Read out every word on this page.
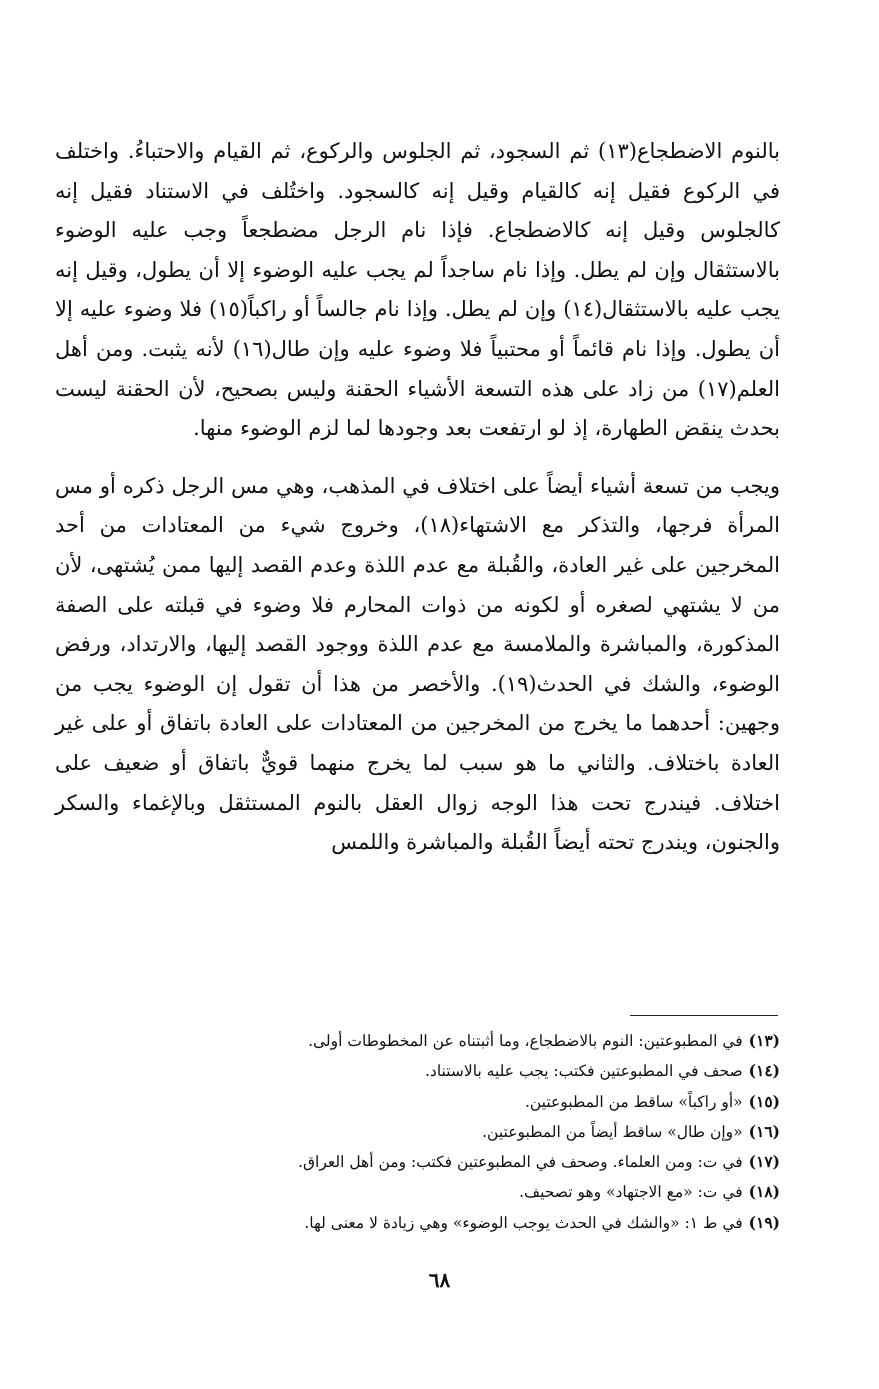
بالنوم الاضطجاع(١٣) ثم السجود، ثم الجلوس والركوع، ثم القيام والاحتباءُ. واختلف في الركوع فقيل إنه كالقيام وقيل إنه كالسجود. واختُلف في الاستناد فقيل إنه كالجلوس وقيل إنه كالاضطجاع. فإذا نام الرجل مضطجعاً وجب عليه الوضوء بالاستثقال وإن لم يطل. وإذا نام ساجداً لم يجب عليه الوضوء إلا أن يطول، وقيل إنه يجب عليه بالاستثقال(١٤) وإن لم يطل. وإذا نام جالساً أو راكباً(١٥) فلا وضوء عليه إلا أن يطول. وإذا نام قائماً أو محتبياً فلا وضوء عليه وإن طال(١٦) لأنه يثبت. ومن أهل العلم(١٧) من زاد على هذه التسعة الأشياء الحقنة وليس بصحيح، لأن الحقنة ليست بحدث ينقض الطهارة، إذ لو ارتفعت بعد وجودها لما لزم الوضوء منها.

ويجب من تسعة أشياء أيضاً على اختلاف في المذهب، وهي مس الرجل ذكره أو مس المرأة فرجها، والتذكر مع الاشتهاء(١٨)، وخروج شيء من المعتادات من أحد المخرجين على غير العادة، والقُبلة مع عدم اللذة وعدم القصد إليها ممن يُشتهى، لأن من لا يشتهي لصغره أو لكونه من ذوات المحارم فلا وضوء في قبلته على الصفة المذكورة، والمباشرة والملامسة مع عدم اللذة ووجود القصد إليها، والارتداد، ورفض الوضوء، والشك في الحدث(١٩). والأخصر من هذا أن تقول إن الوضوء يجب من وجهين: أحدهما ما يخرج من المخرجين من المعتادات على العادة باتفاق أو على غير العادة باختلاف. والثاني ما هو سبب لما يخرج منهما قويٌّ باتفاق أو ضعيف على اختلاف. فيندرج تحت هذا الوجه زوال العقل بالنوم المستثقل وبالإغماء والسكر والجنون، ويندرج تحته أيضاً القُبلة والمباشرة واللمس

(١٣)في المطبوعتين: النوم بالاضطجاع، وما أثبتناه عن المخطوطات أولى.

(١٤)صحف في المطبوعتين فكتب: يجب عليه بالاستناد.

(١٥)«أو راكباً» ساقط من المطبوعتين.

(١٦)«وإن طال» ساقط أيضاً من المطبوعتين.

(١٧)في ت: ومن العلماء. وصحف في المطبوعتين فكتب: ومن أهل العراق.

(١٨)في ت: «مع الاجتهاد» وهو تصحيف.

(١٩)في ط ١: «والشك في الحدث يوجب الوضوء» وهي زيادة لا معنى لها.

٦٨
